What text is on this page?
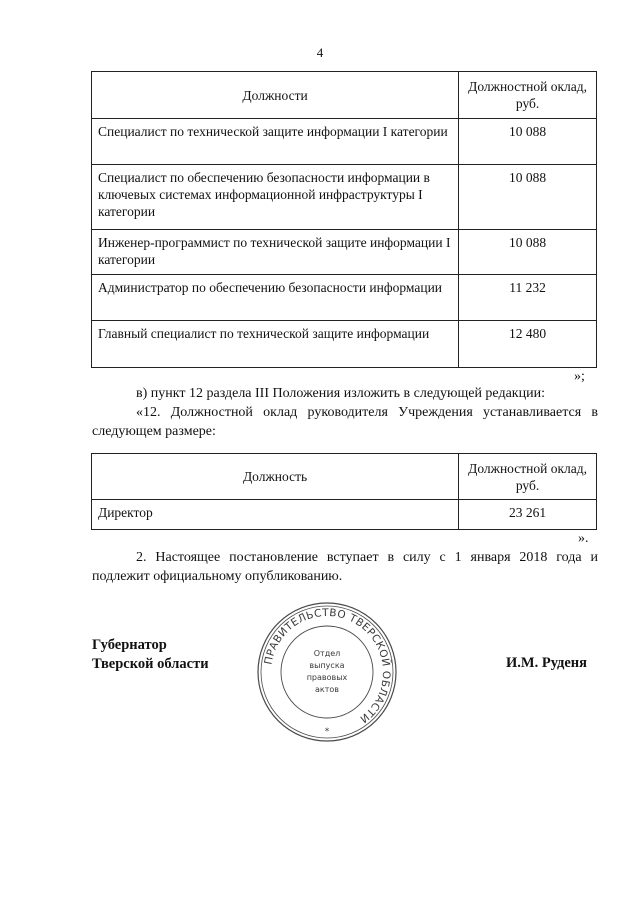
4
Должности	Должностной оклад, руб.
Специалист по технической защите информации I категории	10 088
Специалист по обеспечению безопасности информации в ключевых системах информационной инфраструктуры I категории	10 088
Инженер-программист по технической защите информации I категории	10 088
Администратор по обеспечению безопасности информации	11 232
Главный специалист по технической защите информации	12 480
»;
в) пункт 12 раздела III Положения изложить в следующей редакции:
«12. Должностной оклад руководителя Учреждения устанавливается в следующем размере:
Должность	Должностной оклад, руб.
Директор	23 261
».
2. Настоящее постановление вступает в силу с 1 января 2018 года и подлежит официальному опубликованию.
Губернатор
Тверской области	И.М. Руденя
ПРАВИТЕЛЬСТВО ТВЕРСКОЙ ОБЛАСТИ
Отдел
выпуска
правовых
актов
*
